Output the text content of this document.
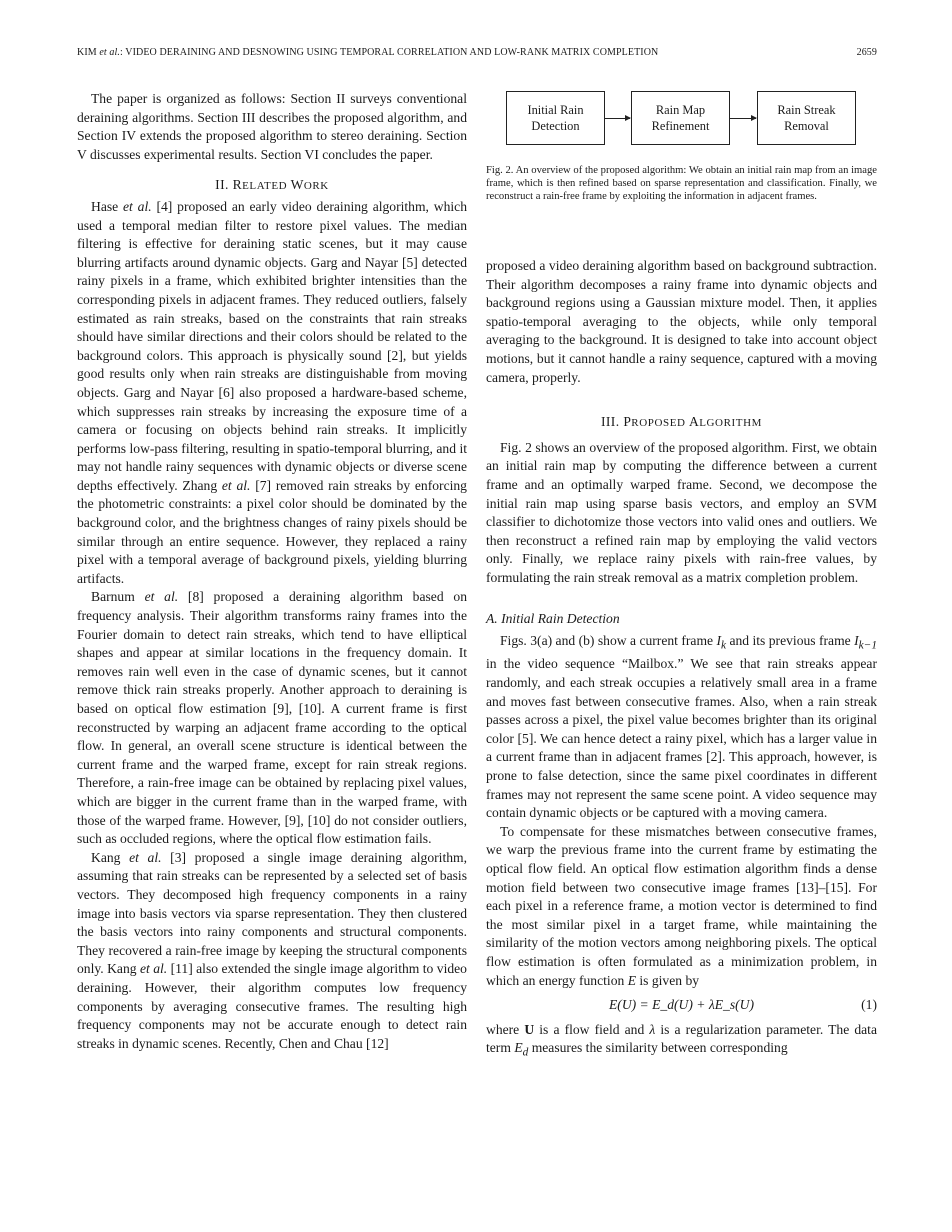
KIM et al.: VIDEO DERAINING AND DESNOWING USING TEMPORAL CORRELATION AND LOW-RANK MATRIX COMPLETION	2659

The paper is organized as follows: Section II surveys conventional deraining algorithms. Section III describes the proposed algorithm, and Section IV extends the proposed algorithm to stereo deraining. Section V discusses experimental results. Section VI concludes the paper.

II. RELATED WORK

Hase et al. [4] proposed an early video deraining algorithm, which used a temporal median filter to restore pixel values. The median filtering is effective for deraining static scenes, but it may cause blurring artifacts around dynamic objects. Garg and Nayar [5] detected rainy pixels in a frame, which exhibited brighter intensities than the corresponding pixels in adjacent frames. They reduced outliers, falsely estimated as rain streaks, based on the constraints that rain streaks should have similar directions and their colors should be related to the background colors. This approach is physically sound [2], but yields good results only when rain streaks are distinguishable from moving objects. Garg and Nayar [6] also proposed a hardware-based scheme, which suppresses rain streaks by increasing the exposure time of a camera or focusing on objects behind rain streaks. It implicitly performs low-pass filtering, resulting in spatio-temporal blurring, and it may not handle rainy sequences with dynamic objects or diverse scene depths effectively. Zhang et al. [7] removed rain streaks by enforcing the photometric constraints: a pixel color should be dominated by the background color, and the brightness changes of rainy pixels should be similar through an entire sequence. However, they replaced a rainy pixel with a temporal average of background pixels, yielding blurring artifacts.

Barnum et al. [8] proposed a deraining algorithm based on frequency analysis. Their algorithm transforms rainy frames into the Fourier domain to detect rain streaks, which tend to have elliptical shapes and appear at similar locations in the frequency domain. It removes rain well even in the case of dynamic scenes, but it cannot remove thick rain streaks properly. Another approach to deraining is based on optical flow estimation [9], [10]. A current frame is first reconstructed by warping an adjacent frame according to the optical flow. In general, an overall scene structure is identical between the current frame and the warped frame, except for rain streak regions. Therefore, a rain-free image can be obtained by replacing pixel values, which are bigger in the current frame than in the warped frame, with those of the warped frame. However, [9], [10] do not consider outliers, such as occluded regions, where the optical flow estimation fails.

Kang et al. [3] proposed a single image deraining algorithm, assuming that rain streaks can be represented by a selected set of basis vectors. They decomposed high frequency components in a rainy image into basis vectors via sparse representation. They then clustered the basis vectors into rainy components and structural components. They recovered a rain-free image by keeping the structural components only. Kang et al. [11] also extended the single image algorithm to video deraining. However, their algorithm computes low frequency components by averaging consecutive frames. The resulting high frequency components may not be accurate enough to detect rain streaks in dynamic scenes. Recently, Chen and Chau [12]

Initial Rain Detection
Rain Map Refinement
Rain Streak Removal
Fig. 2. An overview of the proposed algorithm: We obtain an initial rain map from an image frame, which is then refined based on sparse representation and classification. Finally, we reconstruct a rain-free frame by exploiting the information in adjacent frames.

proposed a video deraining algorithm based on background subtraction. Their algorithm decomposes a rainy frame into dynamic objects and background regions using a Gaussian mixture model. Then, it applies spatio-temporal averaging to the objects, while only temporal averaging to the background. It is designed to take into account object motions, but it cannot handle a rainy sequence, captured with a moving camera, properly.

III. PROPOSED ALGORITHM

Fig. 2 shows an overview of the proposed algorithm. First, we obtain an initial rain map by computing the difference between a current frame and an optimally warped frame. Second, we decompose the initial rain map using sparse basis vectors, and employ an SVM classifier to dichotomize those vectors into valid ones and outliers. We then reconstruct a refined rain map by employing the valid vectors only. Finally, we replace rainy pixels with rain-free values, by formulating the rain streak removal as a matrix completion problem.

A. Initial Rain Detection

Figs. 3(a) and (b) show a current frame $I_k$ and its previous frame $I_{k-1}$ in the video sequence “Mailbox.” We see that rain streaks appear randomly, and each streak occupies a relatively small area in a frame and moves fast between consecutive frames. Also, when a rain streak passes across a pixel, the pixel value becomes brighter than its original color [5]. We can hence detect a rainy pixel, which has a larger value in a current frame than in adjacent frames [2]. This approach, however, is prone to false detection, since the same pixel coordinates in different frames may not represent the same scene point. A video sequence may contain dynamic objects or be captured with a moving camera.

To compensate for these mismatches between consecutive frames, we warp the previous frame into the current frame by estimating the optical flow field. An optical flow estimation algorithm finds a dense motion field between two consecutive image frames [13]–[15]. For each pixel in a reference frame, a motion vector is determined to find the most similar pixel in a target frame, while maintaining the similarity of the motion vectors among neighboring pixels. The optical flow estimation is often formulated as a minimization problem, in which an energy function E is given by

E(U) = E_d(U) + λE_s(U)	(1)

where U is a flow field and λ is a regularization parameter. The data term $E_d$ measures the similarity between corresponding
